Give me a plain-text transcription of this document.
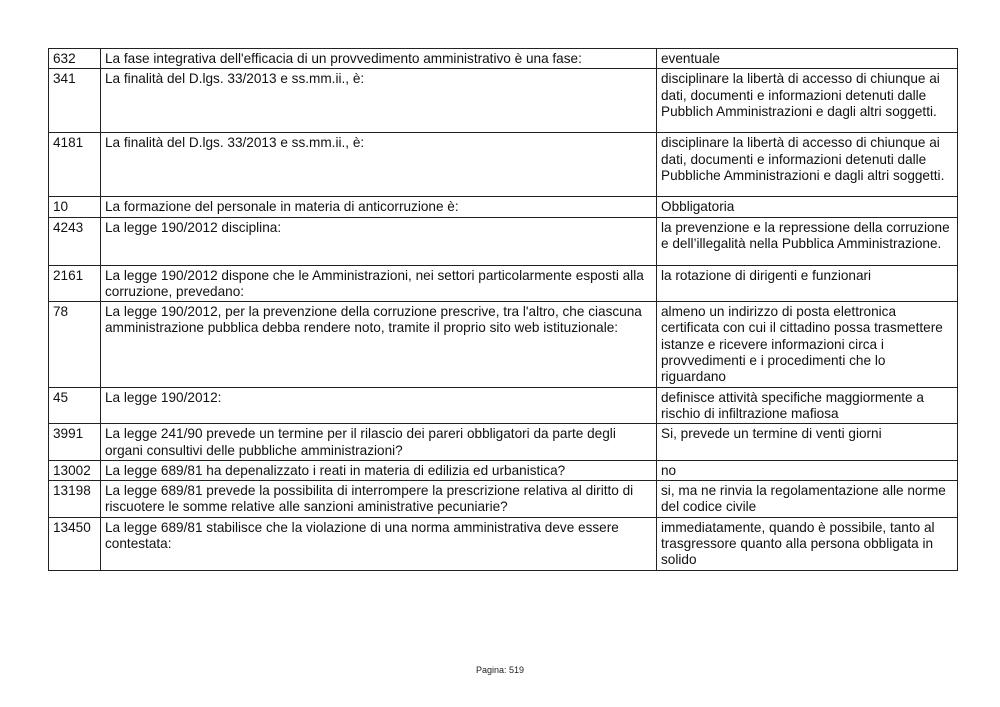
632	La fase integrativa dell'efficacia di un provvedimento amministrativo è una fase:	eventuale
341	La finalità del D.lgs. 33/2013 e ss.mm.ii., è:	disciplinare la libertà di accesso di chiunque ai dati, documenti e informazioni detenuti dalle Pubblich Amministrazioni e dagli altri soggetti.
4181	La finalità del D.lgs. 33/2013 e ss.mm.ii., è:	disciplinare la libertà di accesso di chiunque ai dati, documenti e informazioni detenuti dalle Pubbliche Amministrazioni e dagli altri soggetti.
10	La formazione del personale in materia di anticorruzione è:	Obbligatoria
4243	La legge 190/2012 disciplina:	la prevenzione e la repressione della corruzione e dell’illegalità nella Pubblica Amministrazione.
2161	La legge 190/2012 dispone che le Amministrazioni, nei settori particolarmente esposti alla corruzione, prevedano:	la rotazione di dirigenti e funzionari
78	La legge 190/2012, per la prevenzione della corruzione prescrive, tra l'altro, che ciascuna amministrazione pubblica debba rendere noto, tramite il proprio sito web istituzionale:	almeno un indirizzo di posta elettronica certificata con cui il cittadino possa trasmettere istanze e ricevere informazioni circa i provvedimenti e i procedimenti che lo riguardano
45	La legge 190/2012:	definisce attività specifiche maggiormente a rischio di infiltrazione mafiosa
3991	La legge 241/90 prevede un termine per il rilascio dei pareri obbligatori da parte degli organi consultivi delle pubbliche amministrazioni?	Si, prevede un termine di venti giorni
13002	La legge 689/81 ha depenalizzato i reati in materia di edilizia ed urbanistica?	no
13198	La legge 689/81 prevede la possibilita di interrompere la prescrizione relativa al diritto di riscuotere le somme relative alle sanzioni aministrative pecuniarie?	si, ma ne rinvia la regolamentazione alle norme del codice civile
13450	La legge 689/81 stabilisce che la violazione di una norma amministrativa deve essere contestata:	immediatamente, quando è possibile, tanto al trasgressore quanto alla persona obbligata in solido
Pagina: 519
